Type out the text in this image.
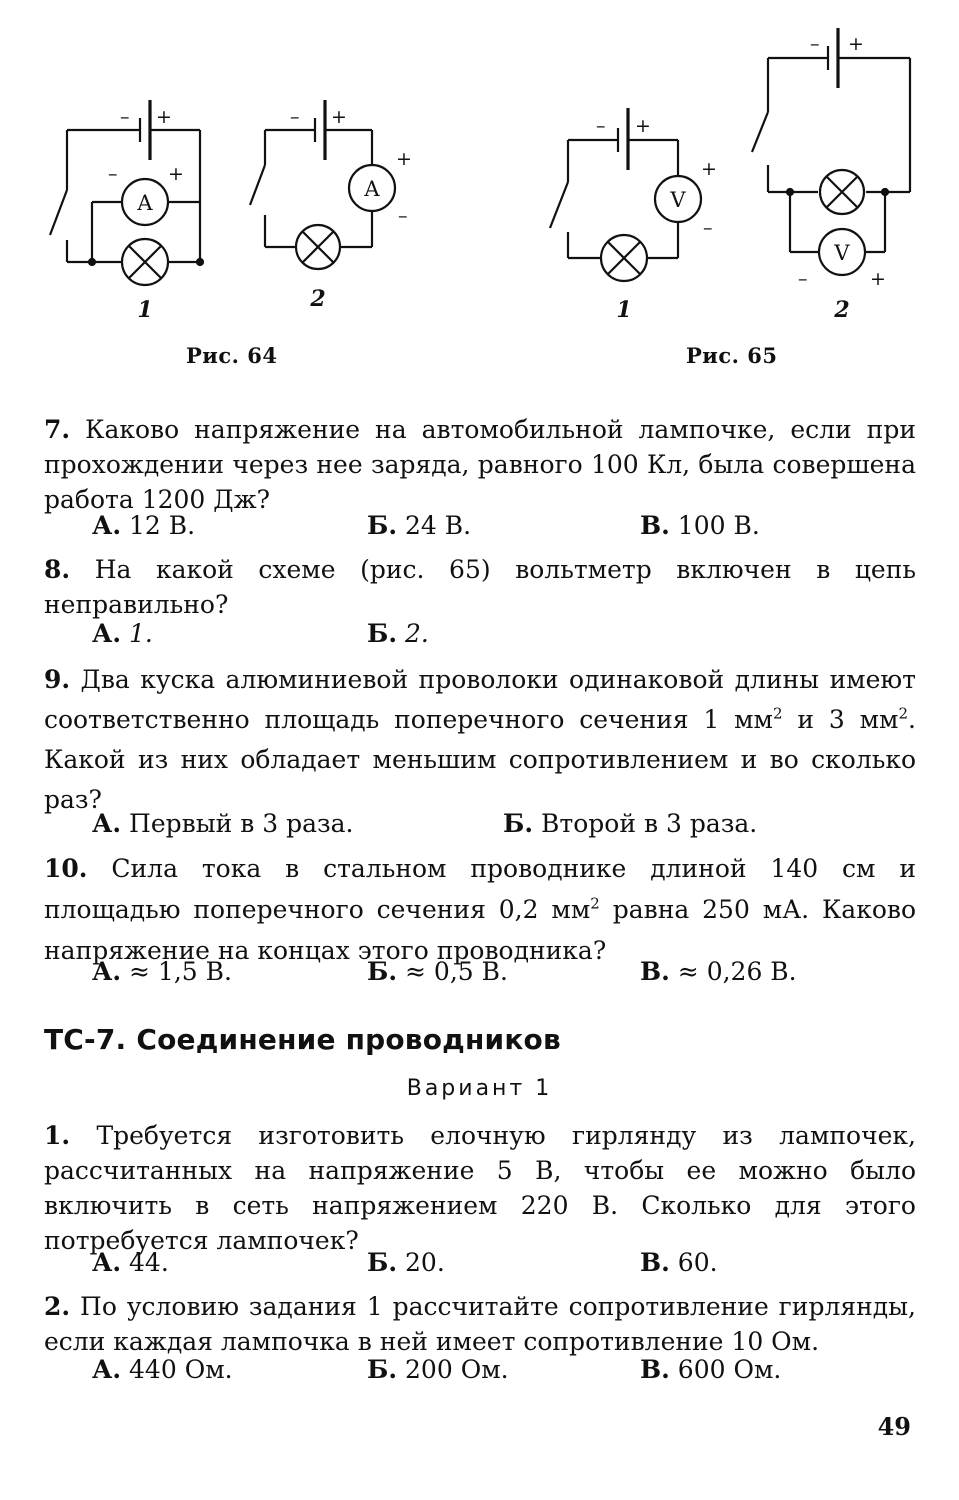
A
A	V
V
– +
–	+
– +
+
–
– +
+
–
– +
–	+
1	2	1	2
Рис. 64	Рис. 65
7. Каково напряжение на автомобильной лампочке, если при прохождении через нее заряда, равного 100 Кл, была совершена работа 1200 Дж?
А. 12 В.	Б. 24 В.	В. 100 В.
8. На какой схеме (рис. 65) вольтметр включен в цепь неправильно?
А. 1.	Б. 2.
9. Два куска алюминиевой проволоки одинаковой длины имеют соответственно площадь поперечного сечения 1 $мм^2$ и 3 $мм^2$. Какой из них обладает меньшим сопротивлением и во сколько раз?
А. Первый в 3 раза.	Б. Второй в 3 раза.
10. Сила тока в стальном проводнике длиной 140 см и площадью поперечного сечения 0,2 $мм^2$ равна 250 мА. Каково напряжение на концах этого проводника?
А. ≈ 1,5 В.	Б. ≈ 0,5 В.	В. ≈ 0,26 В.
ТС-7. Соединение проводников
Вариант 1
1. Требуется изготовить елочную гирлянду из лампочек, рассчитанных на напряжение 5 В, чтобы ее можно было включить в сеть напряжением 220 В. Сколько для этого потребуется лампочек?
А. 44.	Б. 20.	В. 60.
2. По условию задания 1 рассчитайте сопротивление гирлянды, если каждая лампочка в ней имеет сопротивление 10 Ом.
А. 440 Ом.	Б. 200 Ом.	В. 600 Ом.
49
